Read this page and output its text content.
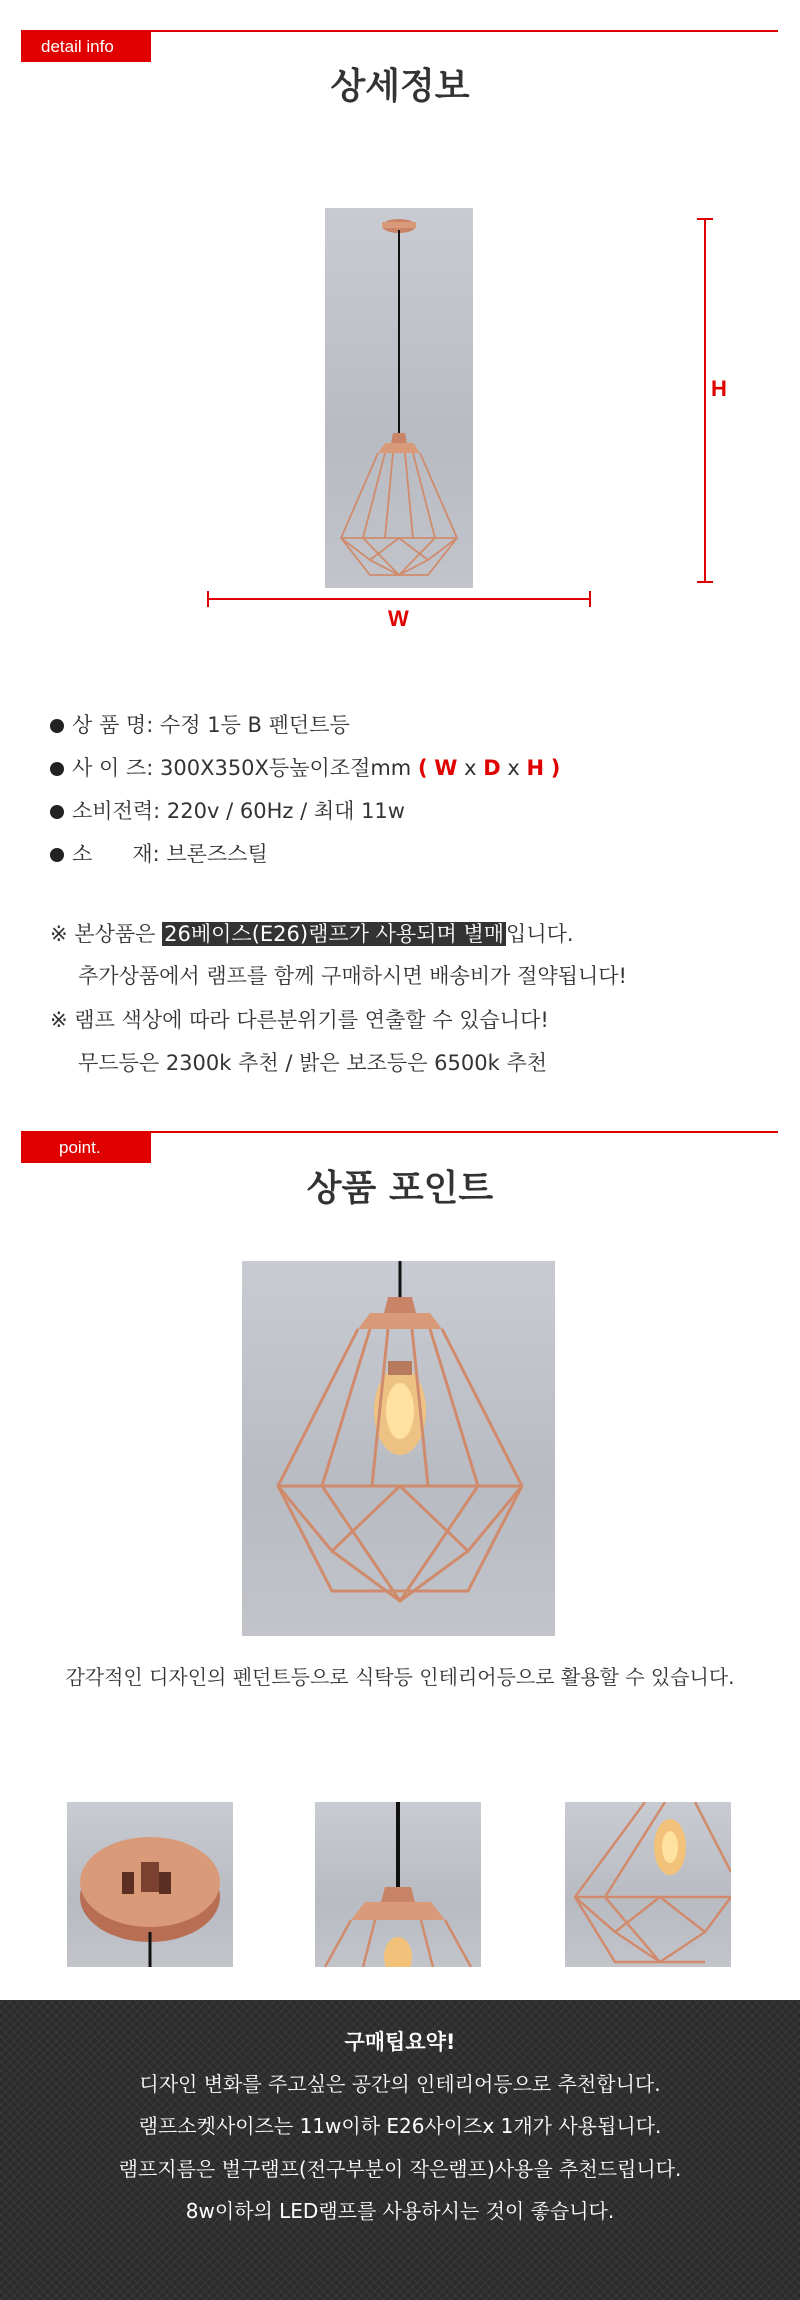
detail info
상세정보
H
W
상 품 명: 수정 1등 B 펜던트등
사 이 즈: 300X350X등높이조절mm ( W x D x H )
소비전력: 220v / 60Hz / 최대 11w
소      재: 브론즈스틸
※ 본상품은 26베이스(E26)램프가 사용되며 별매입니다.
추가상품에서 램프를 함께 구매하시면 배송비가 절약됩니다!
※ 램프 색상에 따라 다른분위기를 연출할 수 있습니다!
무드등은 2300k 추천 / 밝은 보조등은 6500k 추천
point.
상품 포인트
감각적인 디자인의 펜던트등으로 식탁등 인테리어등으로 활용할 수 있습니다.
구매팁요약!
디자인 변화를 주고싶은 공간의 인테리어등으로 추천합니다.
램프소켓사이즈는 11w이하 E26사이즈x 1개가 사용됩니다.
램프지름은 벌구램프(전구부분이 작은램프)사용을 추천드립니다.
8w이하의 LED램프를 사용하시는 것이 좋습니다.
